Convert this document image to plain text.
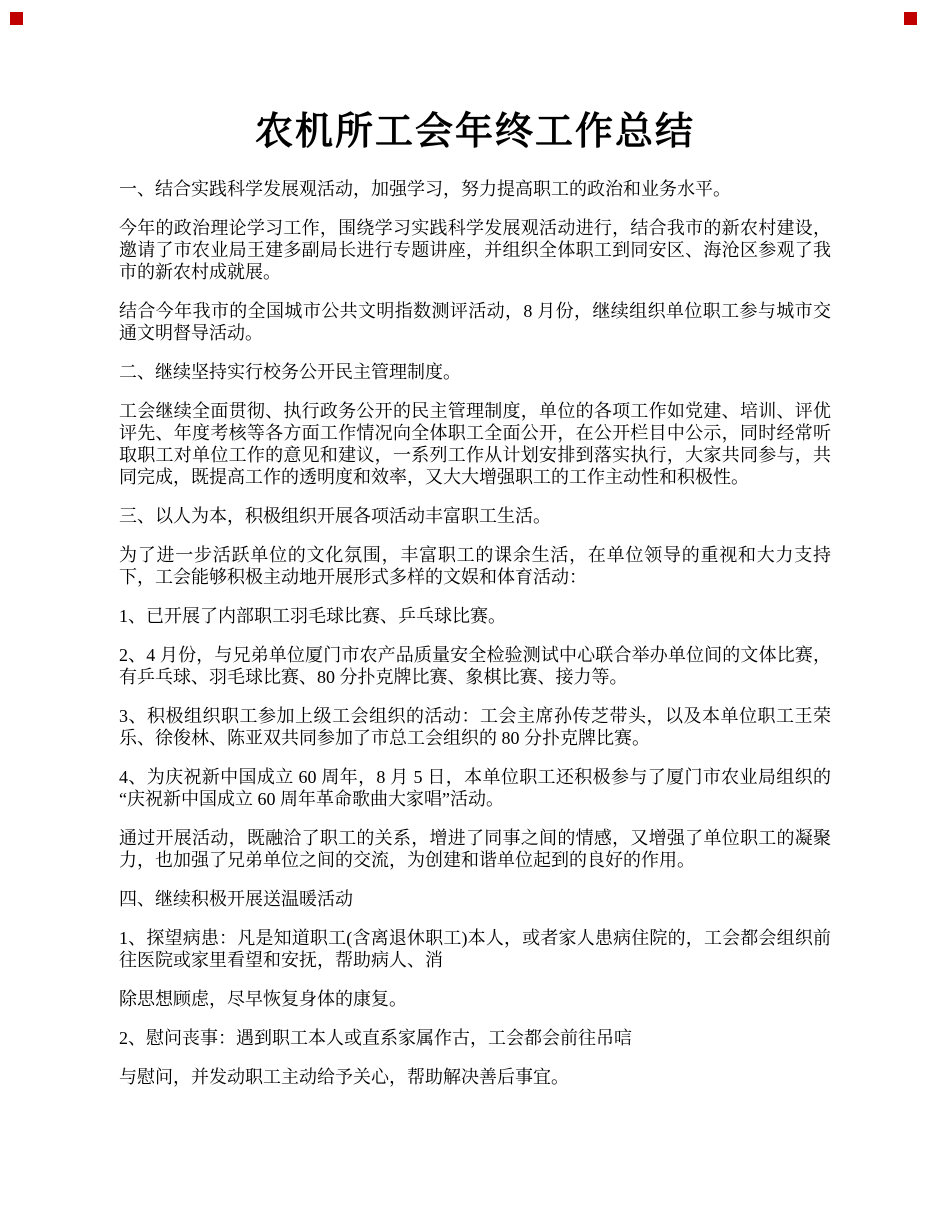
农机所工会年终工作总结

一、结合实践科学发展观活动，加强学习，努力提高职工的政治和业务水平。

今年的政治理论学习工作，围绕学习实践科学发展观活动进行，结合我市的新农村建设，邀请了市农业局王建多副局长进行专题讲座，并组织全体职工到同安区、海沧区参观了我市的新农村成就展。

结合今年我市的全国城市公共文明指数测评活动，8 月份，继续组织单位职工参与城市交通文明督导活动。

二、继续坚持实行校务公开民主管理制度。

工会继续全面贯彻、执行政务公开的民主管理制度，单位的各项工作如党建、培训、评优评先、年度考核等各方面工作情况向全体职工全面公开，在公开栏目中公示，同时经常听取职工对单位工作的意见和建议，一系列工作从计划安排到落实执行，大家共同参与，共同完成，既提高工作的透明度和效率，又大大增强职工的工作主动性和积极性。

三、以人为本，积极组织开展各项活动丰富职工生活。

为了进一步活跃单位的文化氛围，丰富职工的课余生活，在单位领导的重视和大力支持下，工会能够积极主动地开展形式多样的文娱和体育活动：

1、已开展了内部职工羽毛球比赛、乒乓球比赛。

2、4 月份，与兄弟单位厦门市农产品质量安全检验测试中心联合举办单位间的文体比赛，有乒乓球、羽毛球比赛、80 分扑克牌比赛、象棋比赛、接力等。

3、积极组织职工参加上级工会组织的活动：工会主席孙传芝带头，以及本单位职工王荣乐、徐俊林、陈亚双共同参加了市总工会组织的 80 分扑克牌比赛。

4、为庆祝新中国成立 60 周年，8 月 5 日，本单位职工还积极参与了厦门市农业局组织的“庆祝新中国成立 60 周年革命歌曲大家唱”活动。

通过开展活动，既融洽了职工的关系，增进了同事之间的情感，又增强了单位职工的凝聚力，也加强了兄弟单位之间的交流，为创建和谐单位起到的良好的作用。

四、继续积极开展送温暖活动

1、探望病患：凡是知道职工(含离退休职工)本人，或者家人患病住院的，工会都会组织前往医院或家里看望和安抚，帮助病人、消

除思想顾虑，尽早恢复身体的康复。

2、慰问丧事：遇到职工本人或直系家属作古，工会都会前往吊唁

与慰问，并发动职工主动给予关心，帮助解决善后事宜。
